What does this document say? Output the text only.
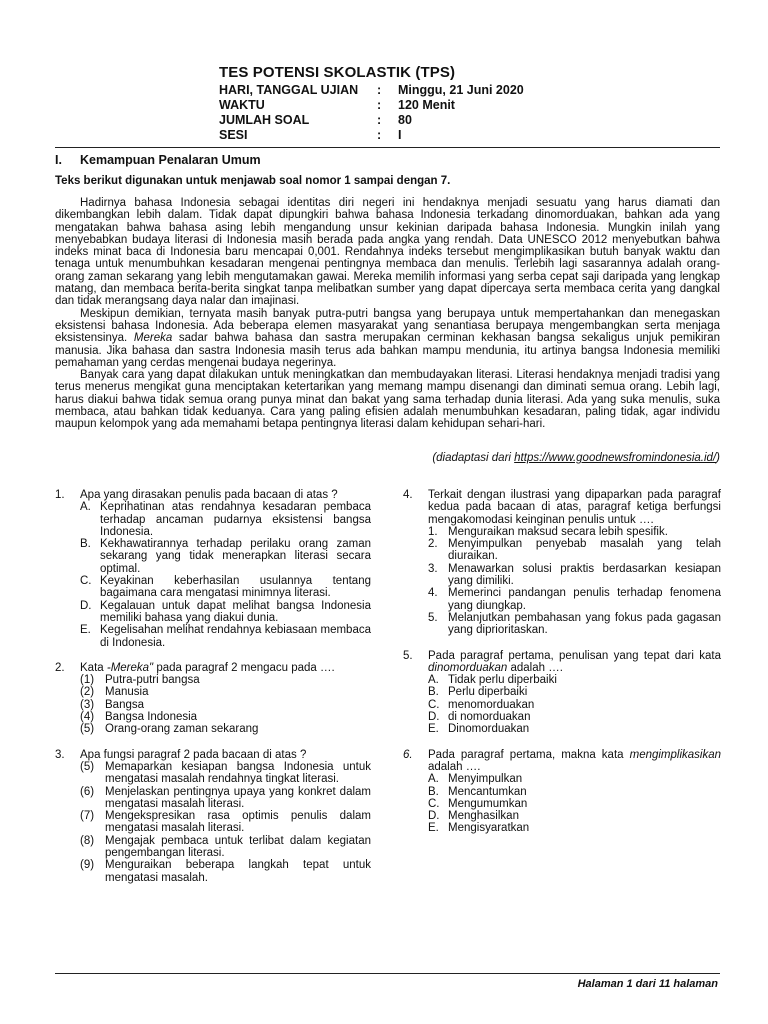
TES POTENSI SKOLASTIK (TPS)
HARI, TANGGAL UJIAN	:	Minggu, 21 Juni 2020
WAKTU	:	120 Menit
JUMLAH SOAL	:	80
SESI	:	I
I.	Kemampuan Penalaran Umum
Teks berikut digunakan untuk menjawab soal nomor 1 sampai dengan 7.

Hadirnya bahasa Indonesia sebagai identitas diri negeri ini hendaknya menjadi sesuatu yang harus diamati dan dikembangkan lebih dalam. Tidak dapat dipungkiri bahwa bahasa Indonesia terkadang dinomorduakan, bahkan ada yang mengatakan bahwa bahasa asing lebih mengandung unsur kekinian daripada bahasa Indonesia. Mungkin inilah yang menyebabkan budaya literasi di Indonesia masih berada pada angka yang rendah. Data UNESCO 2012 menyebutkan bahwa indeks minat baca di Indonesia baru mencapai 0,001. Rendahnya indeks tersebut mengimplikasikan butuh banyak waktu dan tenaga untuk menumbuhkan kesadaran mengenai pentingnya membaca dan menulis. Terlebih lagi sasarannya adalah orang- orang zaman sekarang yang lebih mengutamakan gawai. Mereka memilih informasi yang serba cepat saji daripada yang lengkap matang, dan membaca berita-berita singkat tanpa melibatkan sumber yang dapat dipercaya serta membaca cerita yang dangkal dan tidak merangsang daya nalar dan imajinasi.

Meskipun demikian, ternyata masih banyak putra-putri bangsa yang berupaya untuk mempertahankan dan menegaskan eksistensi bahasa Indonesia. Ada beberapa elemen masyarakat yang senantiasa berupaya mengembangkan serta menjaga eksistensinya. Mereka sadar bahwa bahasa dan sastra merupakan cerminan kekhasan bangsa sekaligus unjuk pemikiran manusia. Jika bahasa dan sastra Indonesia masih terus ada bahkan mampu mendunia, itu artinya bangsa Indonesia memiliki pemahaman yang cerdas mengenai budaya negerinya.

Banyak cara yang dapat dilakukan untuk meningkatkan dan membudayakan literasi. Literasi hendaknya menjadi tradisi yang terus menerus mengikat guna menciptakan ketertarikan yang memang mampu disenangi dan diminati semua orang. Lebih lagi, harus diakui bahwa tidak semua orang punya minat dan bakat yang sama terhadap dunia literasi. Ada yang suka menulis, suka membaca, atau bahkan tidak keduanya. Cara yang paling efisien adalah menumbuhkan kesadaran, paling tidak, agar individu maupun kelompok yang ada memahami betapa pentingnya literasi dalam kehidupan sehari-hari.

(diadaptasi dari https://www.goodnewsfromindonesia.id/)
1. Apa yang dirasakan penulis pada bacaan di atas ?
A. Keprihatinan atas rendahnya kesadaran pembaca terhadap ancaman pudarnya eksistensi bangsa Indonesia.
B. Kekhawatirannya terhadap perilaku orang zaman sekarang yang tidak menerapkan literasi secara optimal.
C. Keyakinan keberhasilan usulannya tentang bagaimana cara mengatasi minimnya literasi.
D. Kegalauan untuk dapat melihat bangsa Indonesia memiliki bahasa yang diakui dunia.
E. Kegelisahan melihat rendahnya kebiasaan membaca di Indonesia.
2. Kata -Mereka" pada paragraf 2 mengacu pada ….
(1) Putra-putri bangsa
(2) Manusia
(3) Bangsa
(4) Bangsa Indonesia
(5) Orang-orang zaman sekarang
3. Apa fungsi paragraf 2 pada bacaan di atas ?
(5) Memaparkan kesiapan bangsa Indonesia untuk mengatasi masalah rendahnya tingkat literasi.
(6) Menjelaskan pentingnya upaya yang konkret dalam mengatasi masalah literasi.
(7) Mengekspresikan rasa optimis penulis dalam mengatasi masalah literasi.
(8) Mengajak pembaca untuk terlibat dalam kegiatan pengembangan literasi.
(9) Menguraikan beberapa langkah tepat untuk mengatasi masalah.
4. Terkait dengan ilustrasi yang dipaparkan pada paragraf kedua pada bacaan di atas, paragraf ketiga berfungsi mengakomodasi keinginan penulis untuk ….
1. Menguraikan maksud secara lebih spesifik.
2. Menyimpulkan penyebab masalah yang telah diuraikan.
3. Menawarkan solusi praktis berdasarkan kesiapan yang dimiliki.
4. Memerinci pandangan penulis terhadap fenomena yang diungkap.
5. Melanjutkan pembahasan yang fokus pada gagasan yang diprioritaskan.
5. Pada paragraf pertama, penulisan yang tepat dari kata dinomorduakan adalah ….
A. Tidak perlu diperbaiki
B. Perlu diperbaiki
C. menomorduakan
D. di nomorduakan
E. Dinomorduakan
6. Pada paragraf pertama, makna kata mengimplikasikan adalah ….
A. Menyimpulkan
B. Mencantumkan
C. Mengumumkan
D. Menghasilkan
E. Mengisyaratkan
Halaman 1 dari 11 halaman
